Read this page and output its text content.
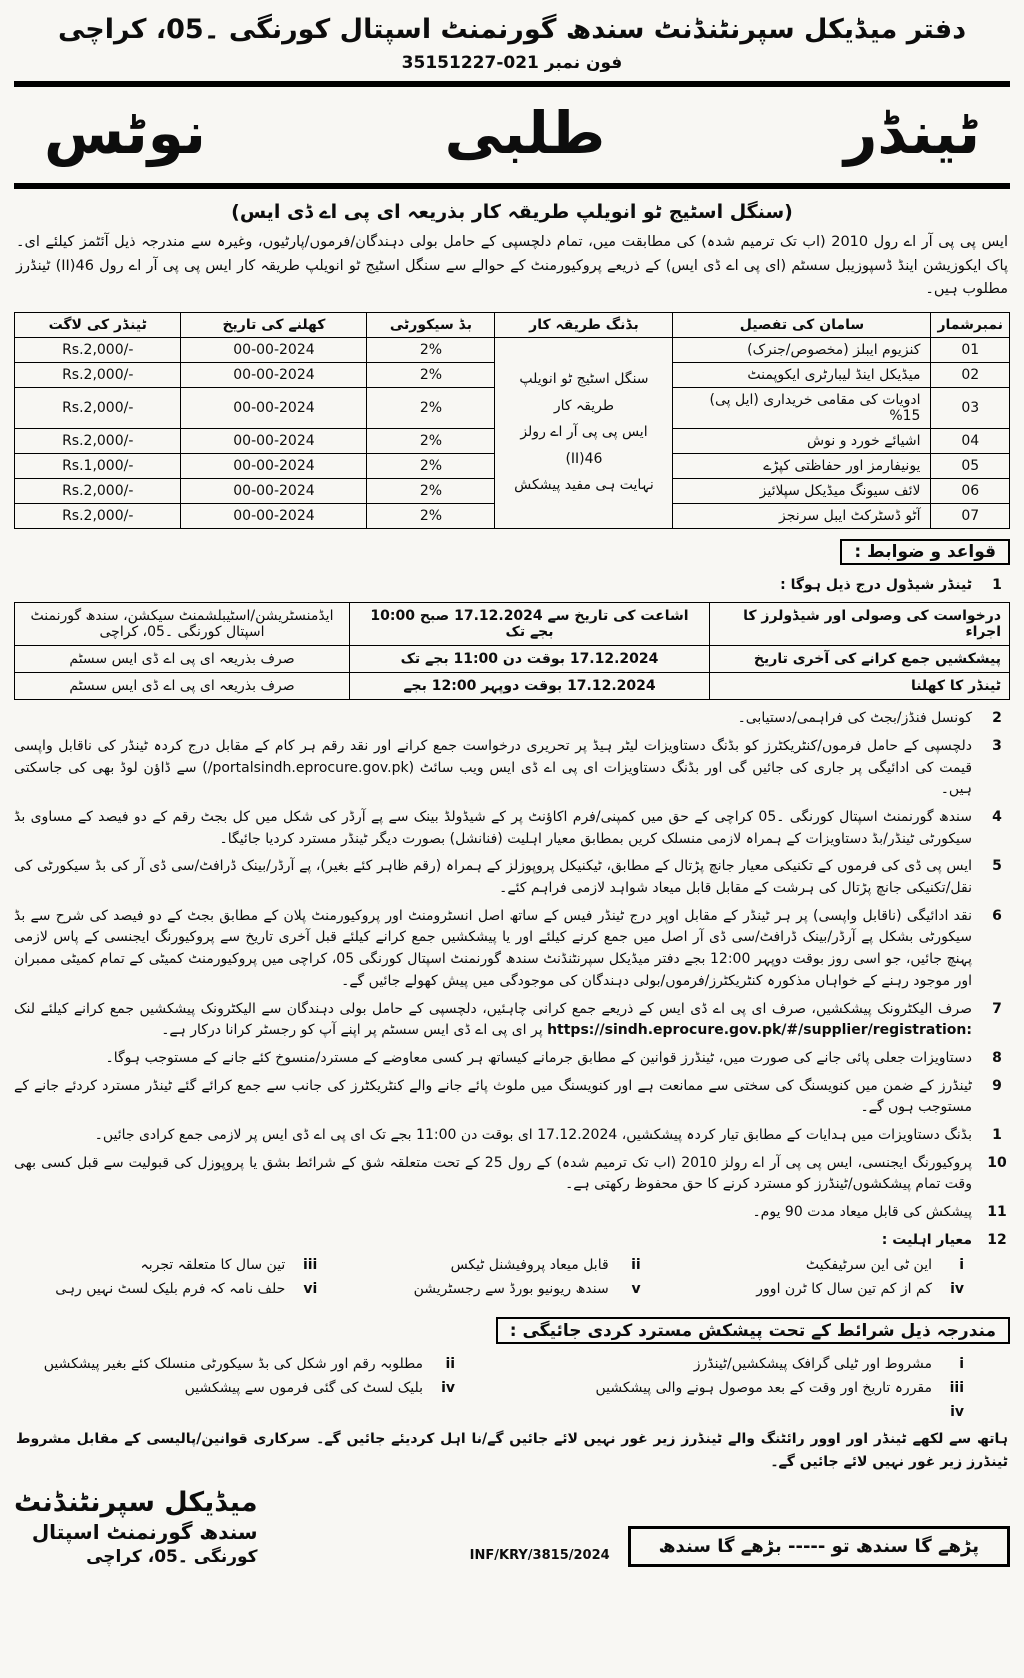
دفتر میڈیکل سپرنٹنڈنٹ سندھ گورنمنٹ اسپتال کورنگی ۔05، کراچی
فون نمبر 021-35151227
ٹینڈر
طلبی
نوٹس
(سنگل اسٹیج ٹو انویلپ طریقہ کار بذریعہ ای پی اے ڈی ایس)

ایس پی پی آر اے رول 2010 (اب تک ترمیم شدہ) کی مطابقت میں، تمام دلچسپی کے حامل بولی دہندگان/فرموں/پارٹیوں، وغیرہ سے مندرجہ ذیل آئٹمز کیلئے ای۔ پاک ایکوزیشن اینڈ ڈسپوزیبل سسٹم (ای پی اے ڈی ایس) کے ذریعے پروکیورمنٹ کے حوالے سے سنگل اسٹیج ٹو انویلپ طریقہ کار ایس پی پی آر اے رول 46(II) ٹینڈرز مطلوب ہیں۔

نمبرشمار	سامان کی تفصیل	بڈنگ طریقہ کار	بڈ سیکورٹی	کھلنے کی تاریخ	ٹینڈر کی لاگت
01	کنزیوم ایبلز (مخصوص/جنرک)	سنگل اسٹیج ٹو انویلپ طریقہ کار
ایس پی پی آر اے رولز 46(II)
نہایت ہی مفید پیشکش	2%	00-00-2024	Rs.2,000/-
02	میڈیکل اینڈ لیبارٹری ایکوپمنٹ		2%	00-00-2024	Rs.2,000/-
03	ادویات کی مقامی خریداری (ایل پی) 15%		2%	00-00-2024	Rs.2,000/-
04	اشیائے خورد و نوش		2%	00-00-2024	Rs.2,000/-
05	یونیفارمز اور حفاظتی کپڑے		2%	00-00-2024	Rs.1,000/-
06	لائف سیونگ میڈیکل سپلائیز		2%	00-00-2024	Rs.2,000/-
07	آٹو ڈسٹرکٹ ایبل سرنجز		2%	00-00-2024	Rs.2,000/-
قواعد و ضوابط :
1
ٹینڈر شیڈول درج ذیل ہوگا :
درخواست کی وصولی اور شیڈولرز کا اجراء	اشاعت کی تاریخ سے 17.12.2024 صبح 10:00 بجے تک	ایڈمنسٹریشن/اسٹیبلشمنٹ سیکشن، سندھ گورنمنٹ اسپتال کورنگی ۔05، کراچی
پیشکشیں جمع کرانے کی آخری تاریخ	17.12.2024 بوقت دن 11:00 بجے تک	صرف بذریعہ ای پی اے ڈی ایس سسٹم
ٹینڈر کا کھلنا	17.12.2024 بوقت دوپہر 12:00 بجے	صرف بذریعہ ای پی اے ڈی ایس سسٹم
2
کونسل فنڈز/بجٹ کی فراہمی/دستیابی۔
3
دلچسپی کے حامل فرموں/کنٹریکٹرز کو بڈنگ دستاویزات لیٹر ہیڈ پر تحریری درخواست جمع کرانے اور نقد رقم ہر کام کے مقابل درج کردہ ٹینڈر کی ناقابل واپسی قیمت کی ادائیگی پر جاری کی جائیں گی اور بڈنگ دستاویزات ای پی اے ڈی ایس ویب سائٹ (portalsindh.eprocure.gov.pk/) سے ڈاؤن لوڈ بھی کی جاسکتی ہیں۔
4
سندھ گورنمنٹ اسپتال کورنگی ۔05 کراچی کے حق میں کمپنی/فرم اکاؤنٹ پر کے شیڈولڈ بینک سے پے آرڈر کی شکل میں کل بجٹ رقم کے دو فیصد کے مساوی بڈ سیکورٹی ٹینڈر/بڈ دستاویزات کے ہمراہ لازمی منسلک کریں بمطابق معیار اہلیت (فنانشل) بصورت دیگر ٹینڈر مسترد کردیا جائیگا۔
5
ایس پی ڈی کی فرموں کے تکنیکی معیار جانچ پڑتال کے مطابق، ٹیکنیکل پروپوزلز کے ہمراہ (رقم ظاہر کئے بغیر)، پے آرڈر/بینک ڈرافٹ/سی ڈی آر کی بڈ سیکورٹی کی نقل/تکنیکی جانچ پڑتال کی ہرشت کے مقابل قابل میعاد شواہد لازمی فراہم کئے۔
6
نقد ادائیگی (ناقابل واپسی) پر ہر ٹینڈر کے مقابل اوپر درج ٹینڈر فیس کے ساتھ اصل انسٹرومنٹ اور پروکیورمنٹ پلان کے مطابق بجٹ کے دو فیصد کی شرح سے بڈ سیکورٹی بشکل پے آرڈر/بینک ڈرافٹ/سی ڈی آر اصل میں جمع کرنے کیلئے اور یا پیشکشیں جمع کرانے کیلئے قبل آخری تاریخ سے پروکیورنگ ایجنسی کے پاس لازمی پہنچ جائیں، جو اسی روز بوقت دوپہر 12:00 بجے دفتر میڈیکل سپرنٹنڈنٹ سندھ گورنمنٹ اسپتال کورنگی 05، کراچی میں پروکیورمنٹ کمیٹی کے تمام کمیٹی ممبران اور موجود رہنے کے خواہاں مذکورہ کنٹریکٹرز/فرموں/بولی دہندگان کی موجودگی میں پیش کھولے جائیں گے۔
7
صرف الیکٹرونک پیشکشیں، صرف ای پی اے ڈی ایس کے ذریعے جمع کرانی چاہئیں، دلچسپی کے حامل بولی دہندگان سے الیکٹرونک پیشکشیں جمع کرانے کیلئے لنک https://sindh.eprocure.gov.pk/#/supplier/registration: پر ای پی اے ڈی ایس سسٹم پر اپنے آپ کو رجسٹر کرانا درکار ہے۔
8
دستاویزات جعلی پائی جانے کی صورت میں، ٹینڈرز قوانین کے مطابق جرمانے کیساتھ ہر کسی معاوضے کے مسترد/منسوخ کئے جانے کے مستوجب ہوگا۔
9
ٹینڈرز کے ضمن میں کنویسنگ کی سختی سے ممانعت ہے اور کنویسنگ میں ملوث پائے جانے والے کنٹریکٹرز کی جانب سے جمع کرائے گئے ٹینڈر مسترد کردئے جانے کے مستوجب ہوں گے۔
1
بڈنگ دستاویزات میں ہدایات کے مطابق تیار کردہ پیشکشیں، 17.12.2024 ای بوقت دن 11:00 بجے تک ای پی اے ڈی ایس پر لازمی جمع کرادی جائیں۔
10
پروکیورنگ ایجنسی، ایس پی پی آر اے رولز 2010 (اب تک ترمیم شدہ) کے رول 25 کے تحت متعلقہ شق کے شرائط بشق یا پروپوزل کی قبولیت سے قبل کسی بھی وقت تمام پیشکشوں/ٹینڈرز کو مسترد کرنے کا حق محفوظ رکھتی ہے۔
11
پیشکش کی قابل میعاد مدت 90 یوم۔
12
معیار اہلیت :
i
این ٹی این سرٹیفکیٹ
ii
قابل میعاد پروفیشنل ٹیکس
iii
تین سال کا متعلقہ تجربہ
iv
کم از کم تین سال کا ٹرن اوور
v
سندھ ریونیو بورڈ سے رجسٹریشن
vi
حلف نامہ کہ فرم بلیک لسٹ نہیں رہی
مندرجہ ذیل شرائط کے تحت پیشکش مسترد کردی جائیگی :
i
مشروط اور ٹیلی گرافک پیشکشیں/ٹینڈرز
ii
مطلوبہ رقم اور شکل کی بڈ سیکورٹی منسلک کئے بغیر پیشکشیں
iii
مقررہ تاریخ اور وقت کے بعد موصول ہونے والی پیشکشیں
iv
بلیک لسٹ کی گئی فرموں سے پیشکشیں
iv

ہاتھ سے لکھے ٹینڈر اور اوور رائٹنگ والے ٹینڈرز زیر غور نہیں لائے جائیں گے/نا اہل کردیئے جائیں گے۔ سرکاری قوانین/پالیسی کے مقابل مشروط ٹینڈرز زیر غور نہیں لائے جائیں گے۔

پڑھے گا سندھ تو ----- بڑھے گا سندھ
INF/KRY/3815/2024
میڈیکل سپرنٹنڈنٹ
سندھ گورنمنٹ اسپتال
کورنگی ۔05، کراچی
